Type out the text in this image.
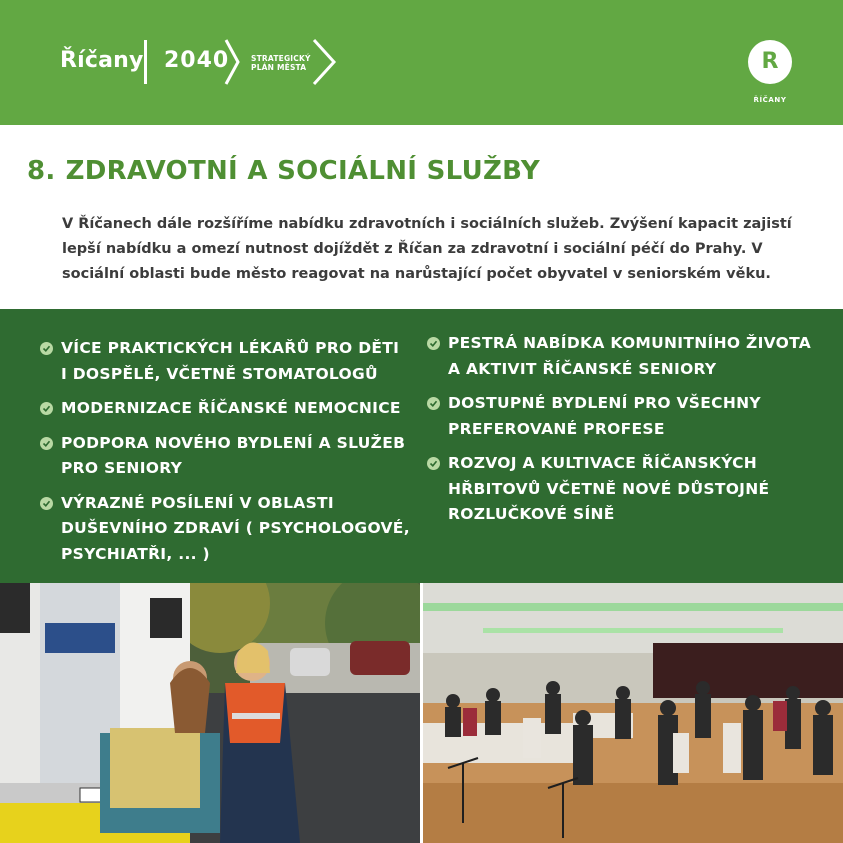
Říčany 2040	STRATEGICKÝ
PLÁN MĚSTA	R
ŘÍČANY
8. ZDRAVOTNÍ A SOCIÁLNÍ SLUŽBY

V Říčanech dále rozšíříme nabídku zdravotních i sociálních služeb. Zvýšení kapacit zajistí lepší nabídku a omezí nutnost dojíždět z Říčan za zdravotní i sociální péčí do Prahy. V sociální oblasti bude město reagovat na narůstající počet obyvatel v seniorském věku.

VÍCE PRAKTICKÝCH LÉKAŘŮ PRO DĚTI I DOSPĚLÉ, VČETNĚ STOMATOLOGŮ
MODERNIZACE ŘÍČANSKÉ NEMOCNICE
PODPORA NOVÉHO BYDLENÍ A SLUŽEB PRO SENIORY
VÝRAZNÉ POSÍLENÍ V OBLASTI DUŠEVNÍHO ZDRAVÍ ( PSYCHOLOGOVÉ, PSYCHIATŘI, ... )
PESTRÁ NABÍDKA KOMUNITNÍHO ŽIVOTA A AKTIVIT ŘÍČANSKÉ SENIORY
DOSTUPNÉ BYDLENÍ PRO VŠECHNY PREFEROVANÉ PROFESE
ROZVOJ A KULTIVACE ŘÍČANSKÝCH HŘBITOVŮ VČETNĚ NOVÉ DŮSTOJNÉ ROZLUČKOVÉ SÍNĚ
